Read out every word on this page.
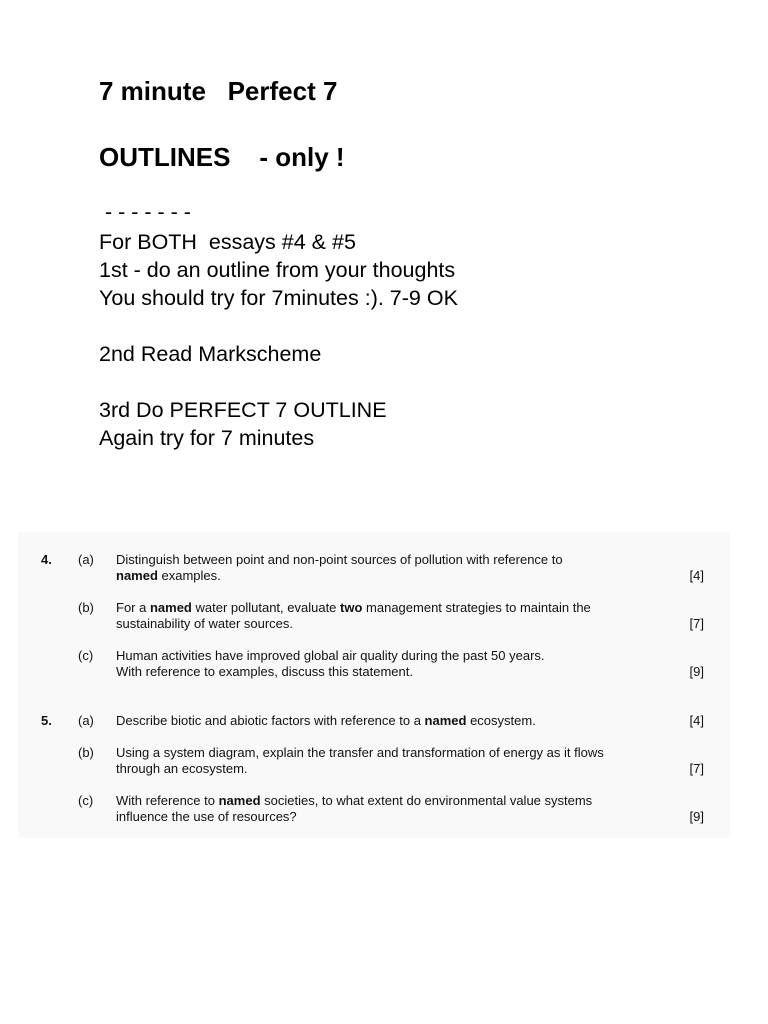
7 minute   Perfect 7
OUTLINES    - only !
- - - - - - -
For BOTH  essays #4 & #5
1st - do an outline from your thoughts
You should try for 7minutes :). 7-9 OK
2nd Read Markscheme
3rd Do PERFECT 7 OUTLINE
Again try for 7 minutes
4. (a) Distinguish between point and non-point sources of pollution with reference to
named examples.	[4]
(b) For a named water pollutant, evaluate two management strategies to maintain the
sustainability of water sources.	[7]
(c) Human activities have improved global air quality during the past 50 years.
With reference to examples, discuss this statement.	[9]
5. (a) Describe biotic and abiotic factors with reference to a named ecosystem.	[4]
(b) Using a system diagram, explain the transfer and transformation of energy as it flows
through an ecosystem.	[7]
(c) With reference to named societies, to what extent do environmental value systems
influence the use of resources?	[9]
